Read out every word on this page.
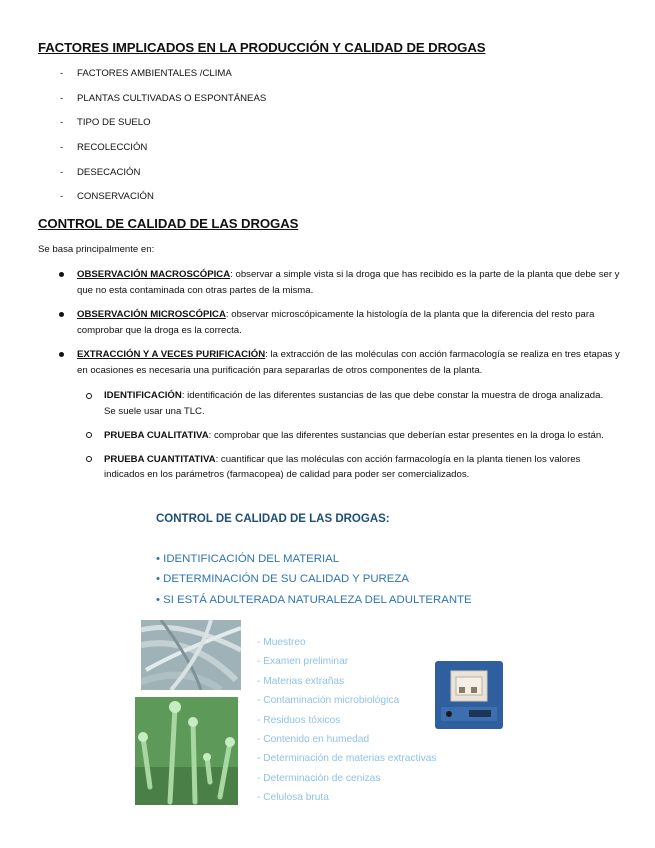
FACTORES IMPLICADOS EN LA PRODUCCIÓN Y CALIDAD DE DROGAS
-	FACTORES AMBIENTALES /CLIMA
-	PLANTAS CULTIVADAS O ESPONTÁNEAS
-	TIPO DE SUELO
-	RECOLECCIÓN
-	DESECACIÓN
-	CONSERVACIÓN
CONTROL DE CALIDAD DE LAS DROGAS
Se basa principalmente en:
OBSERVACIÓN MACROSCÓPICA: observar a simple vista si la droga que has recibido es la parte de la planta que debe ser y que no esta contaminada con otras partes de la misma.
OBSERVACIÓN MICROSCÓPICA: observar microscópicamente la histología de la planta que la diferencia del resto para comprobar que la droga es la correcta.
EXTRACCIÓN Y A VECES PURIFICACIÓN: la extracción de las moléculas con acción farmacología se realiza en tres etapas y en ocasiones es necesaria una purificación para separarlas de otros componentes de la planta.
IDENTIFICACIÓN: identificación de las diferentes sustancias de las que debe constar la muestra de droga analizada. Se suele usar una TLC.
PRUEBA CUALITATIVA: comprobar que las diferentes sustancias que deberían estar presentes en la droga lo están.
PRUEBA CUANTITATIVA: cuantificar que las moléculas con acción farmacología en la planta tienen los valores indicados en los parámetros (farmacopea) de calidad para poder ser comercializados.
CONTROL DE CALIDAD DE LAS DROGAS:
• IDENTIFICACIÓN DEL MATERIAL
• DETERMINACIÓN DE SU CALIDAD Y PUREZA
• SI ESTÁ ADULTERADA NATURALEZA DEL ADULTERANTE
- Muestreo
- Examen preliminar
- Materias extrañas
- Contaminación microbiológica
- Residuos tóxicos
- Contenido en humedad
- Determinación de materias extractivas
- Determinación de cenizas
- Celulosa bruta
